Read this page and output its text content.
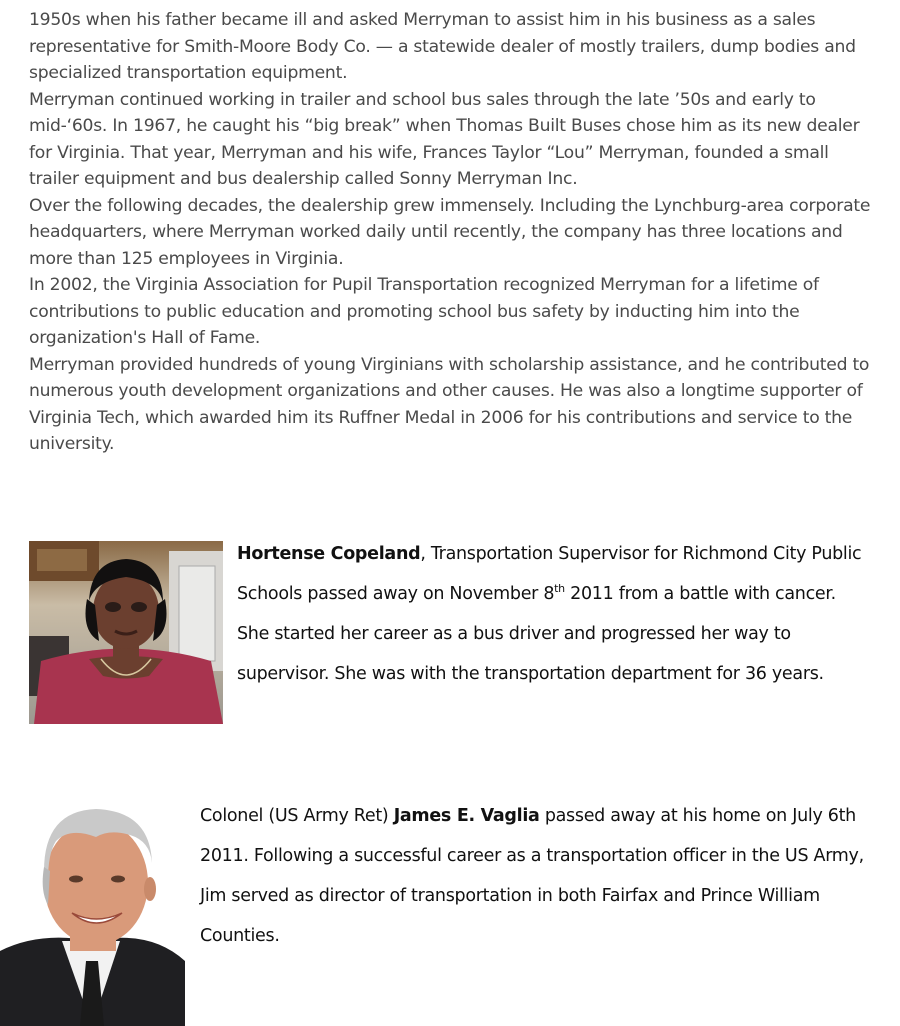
1950s when his father became ill and asked Merryman to assist him in his business as a sales representative for Smith-Moore Body Co. — a statewide dealer of mostly trailers, dump bodies and specialized transportation equipment.

Merryman continued working in trailer and school bus sales through the late ’50s and early to mid-‘60s. In 1967, he caught his “big break” when Thomas Built Buses chose him as its new dealer for Virginia. That year, Merryman and his wife, Frances Taylor “Lou” Merryman, founded a small trailer equipment and bus dealership called Sonny Merryman Inc.

Over the following decades, the dealership grew immensely. Including the Lynchburg-area corporate headquarters, where Merryman worked daily until recently, the company has three locations and more than 125 employees in Virginia.

In 2002, the Virginia Association for Pupil Transportation recognized Merryman for a lifetime of contributions to public education and promoting school bus safety by inducting him into the organization's Hall of Fame.

Merryman provided hundreds of young Virginians with scholarship assistance, and he contributed to numerous youth development organizations and other causes. He was also a longtime supporter of Virginia Tech, which awarded him its Ruffner Medal in 2006 for his contributions and service to the university.

Hortense Copeland, Transportation Supervisor for Richmond City Public Schools passed away on November 8th 2011 from a battle with cancer. She started her career as a bus driver and progressed her way to supervisor. She was with the transportation department for 36 years.
Colonel (US Army Ret) James E. Vaglia passed away at his home on July 6th 2011. Following a successful career as a transportation officer in the US Army, Jim served as director of transportation in both Fairfax and Prince William Counties.
